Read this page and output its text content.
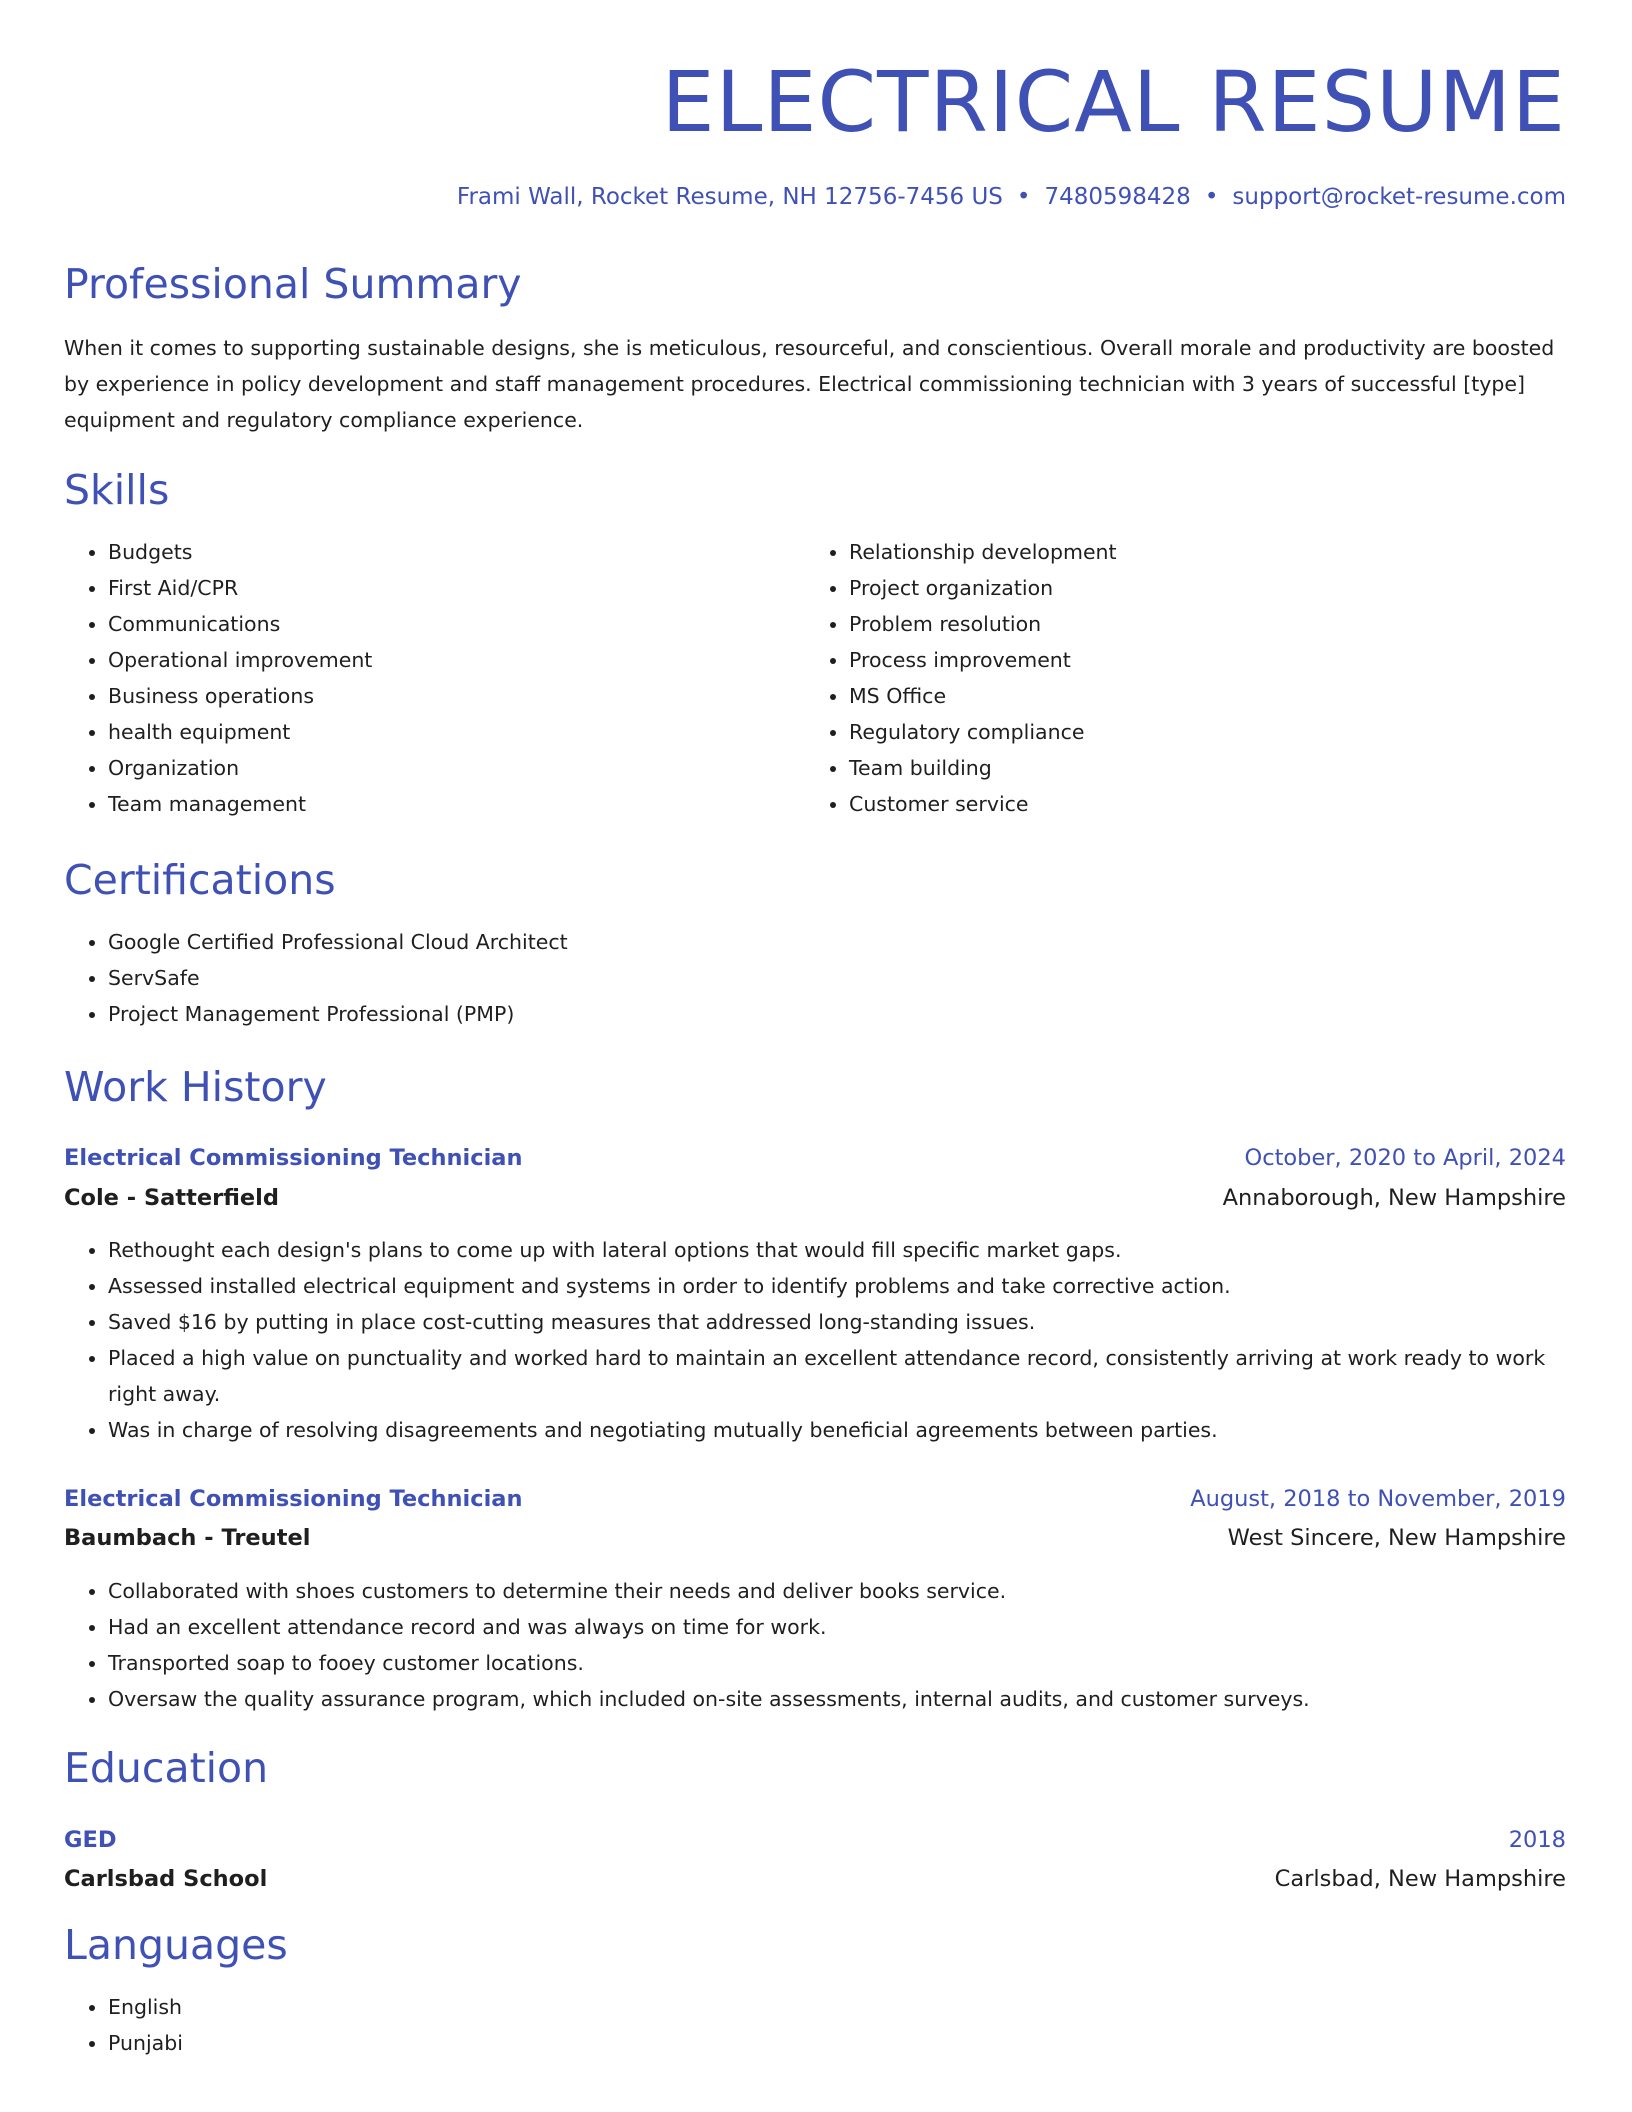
ELECTRICAL RESUME
Frami Wall, Rocket Resume, NH 12756-7456 US • 7480598428 • support@rocket-resume.com
Professional Summary

When it comes to supporting sustainable designs, she is meticulous, resourceful, and conscientious. Overall morale and productivity are boosted by experience in policy development and staff management procedures. Electrical commissioning technician with 3 years of successful [type] equipment and regulatory compliance experience.

Skills
• Budgets
• First Aid/CPR
• Communications
• Operational improvement
• Business operations
• health equipment
• Organization
• Team management
• Relationship development
• Project organization
• Problem resolution
• Process improvement
• MS Office
• Regulatory compliance
• Team building
• Customer service
Certifications
• Google Certified Professional Cloud Architect
• ServSafe
• Project Management Professional (PMP)
Work History
Electrical Commissioning Technician	October, 2020 to April, 2024
Cole - Satterfield	Annaborough, New Hampshire
• Rethought each design's plans to come up with lateral options that would fill specific market gaps.
• Assessed installed electrical equipment and systems in order to identify problems and take corrective action.
• Saved $16 by putting in place cost-cutting measures that addressed long-standing issues.
• Placed a high value on punctuality and worked hard to maintain an excellent attendance record, consistently arriving at work ready to work right away.
• Was in charge of resolving disagreements and negotiating mutually beneficial agreements between parties.
Electrical Commissioning Technician	August, 2018 to November, 2019
Baumbach - Treutel	West Sincere, New Hampshire
• Collaborated with shoes customers to determine their needs and deliver books service.
• Had an excellent attendance record and was always on time for work.
• Transported soap to fooey customer locations.
• Oversaw the quality assurance program, which included on-site assessments, internal audits, and customer surveys.
Education
GED	2018
Carlsbad School	Carlsbad, New Hampshire
Languages
• English
• Punjabi
